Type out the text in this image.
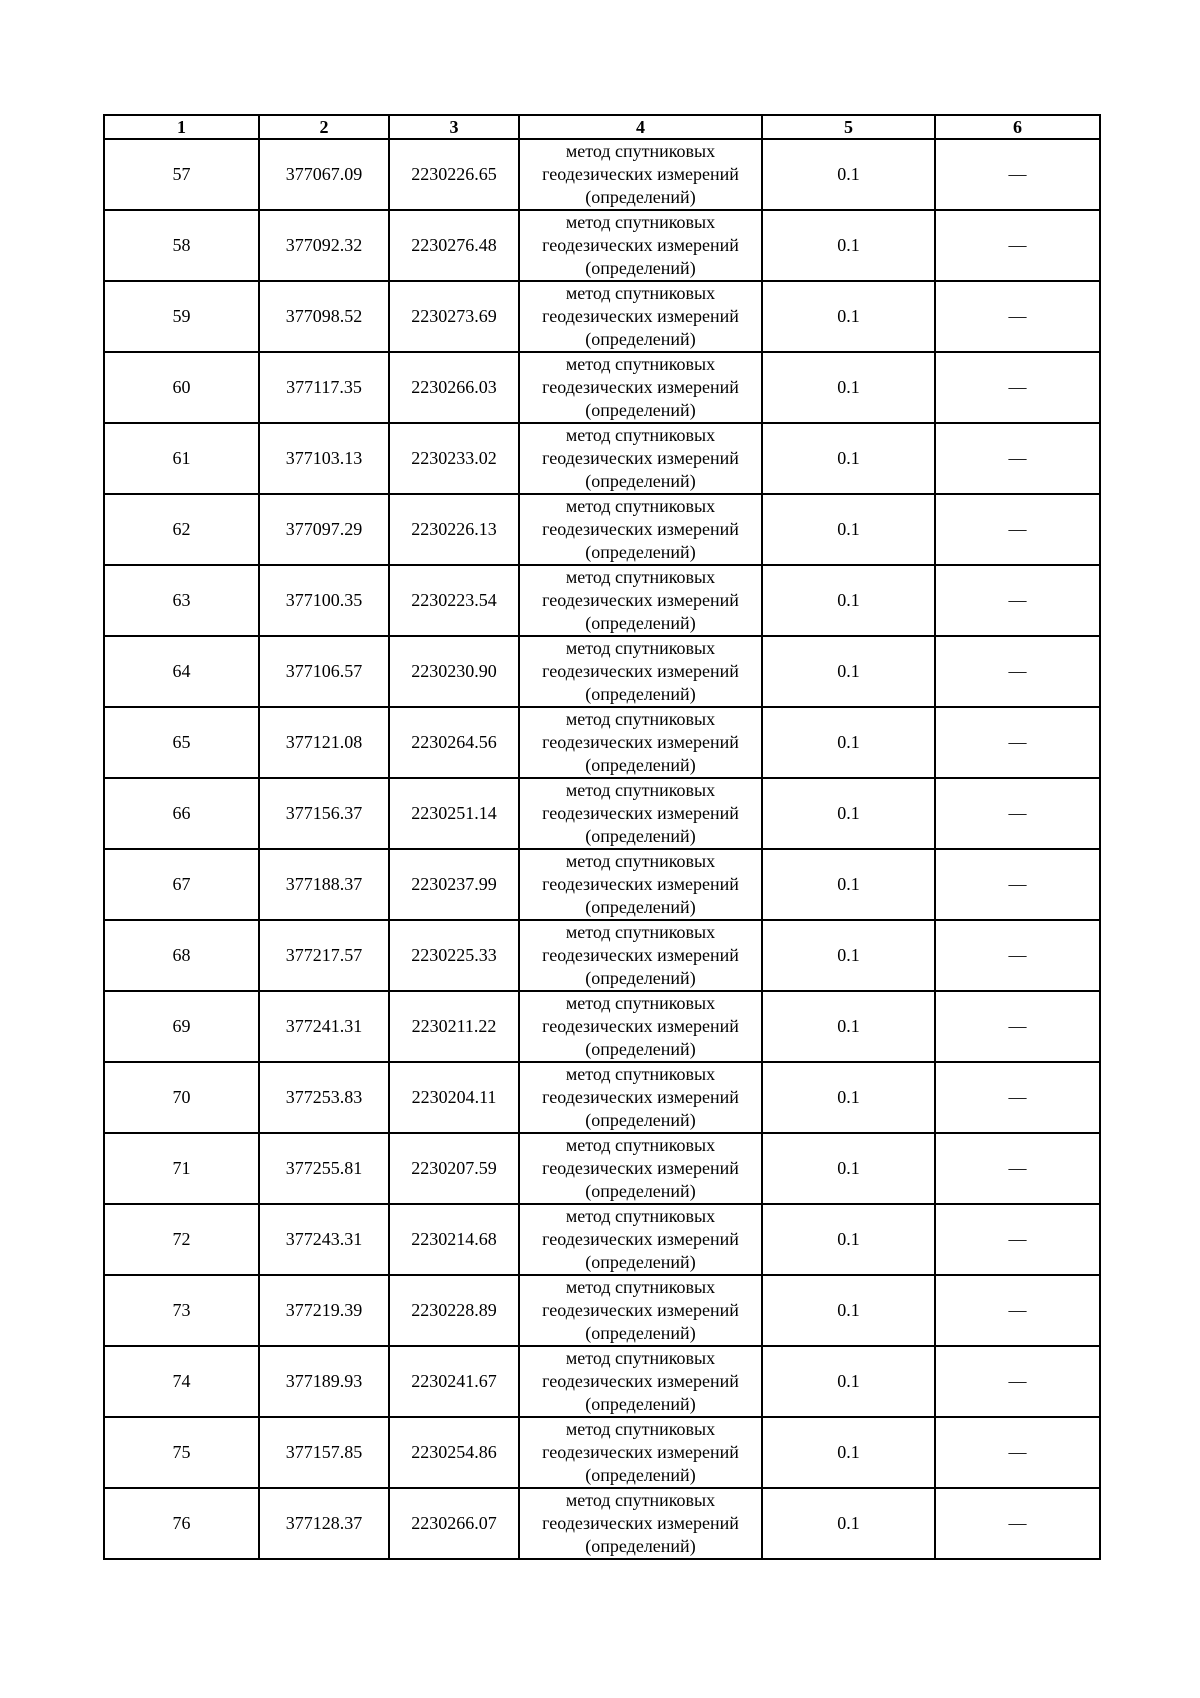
1	2	3	4	5	6
57	377067.09	2230226.65	метод спутниковых
геодезических измерений
(определений)	0.1	—
58	377092.32	2230276.48	метод спутниковых
геодезических измерений
(определений)	0.1	—
59	377098.52	2230273.69	метод спутниковых
геодезических измерений
(определений)	0.1	—
60	377117.35	2230266.03	метод спутниковых
геодезических измерений
(определений)	0.1	—
61	377103.13	2230233.02	метод спутниковых
геодезических измерений
(определений)	0.1	—
62	377097.29	2230226.13	метод спутниковых
геодезических измерений
(определений)	0.1	—
63	377100.35	2230223.54	метод спутниковых
геодезических измерений
(определений)	0.1	—
64	377106.57	2230230.90	метод спутниковых
геодезических измерений
(определений)	0.1	—
65	377121.08	2230264.56	метод спутниковых
геодезических измерений
(определений)	0.1	—
66	377156.37	2230251.14	метод спутниковых
геодезических измерений
(определений)	0.1	—
67	377188.37	2230237.99	метод спутниковых
геодезических измерений
(определений)	0.1	—
68	377217.57	2230225.33	метод спутниковых
геодезических измерений
(определений)	0.1	—
69	377241.31	2230211.22	метод спутниковых
геодезических измерений
(определений)	0.1	—
70	377253.83	2230204.11	метод спутниковых
геодезических измерений
(определений)	0.1	—
71	377255.81	2230207.59	метод спутниковых
геодезических измерений
(определений)	0.1	—
72	377243.31	2230214.68	метод спутниковых
геодезических измерений
(определений)	0.1	—
73	377219.39	2230228.89	метод спутниковых
геодезических измерений
(определений)	0.1	—
74	377189.93	2230241.67	метод спутниковых
геодезических измерений
(определений)	0.1	—
75	377157.85	2230254.86	метод спутниковых
геодезических измерений
(определений)	0.1	—
76	377128.37	2230266.07	метод спутниковых
геодезических измерений
(определений)	0.1	—
